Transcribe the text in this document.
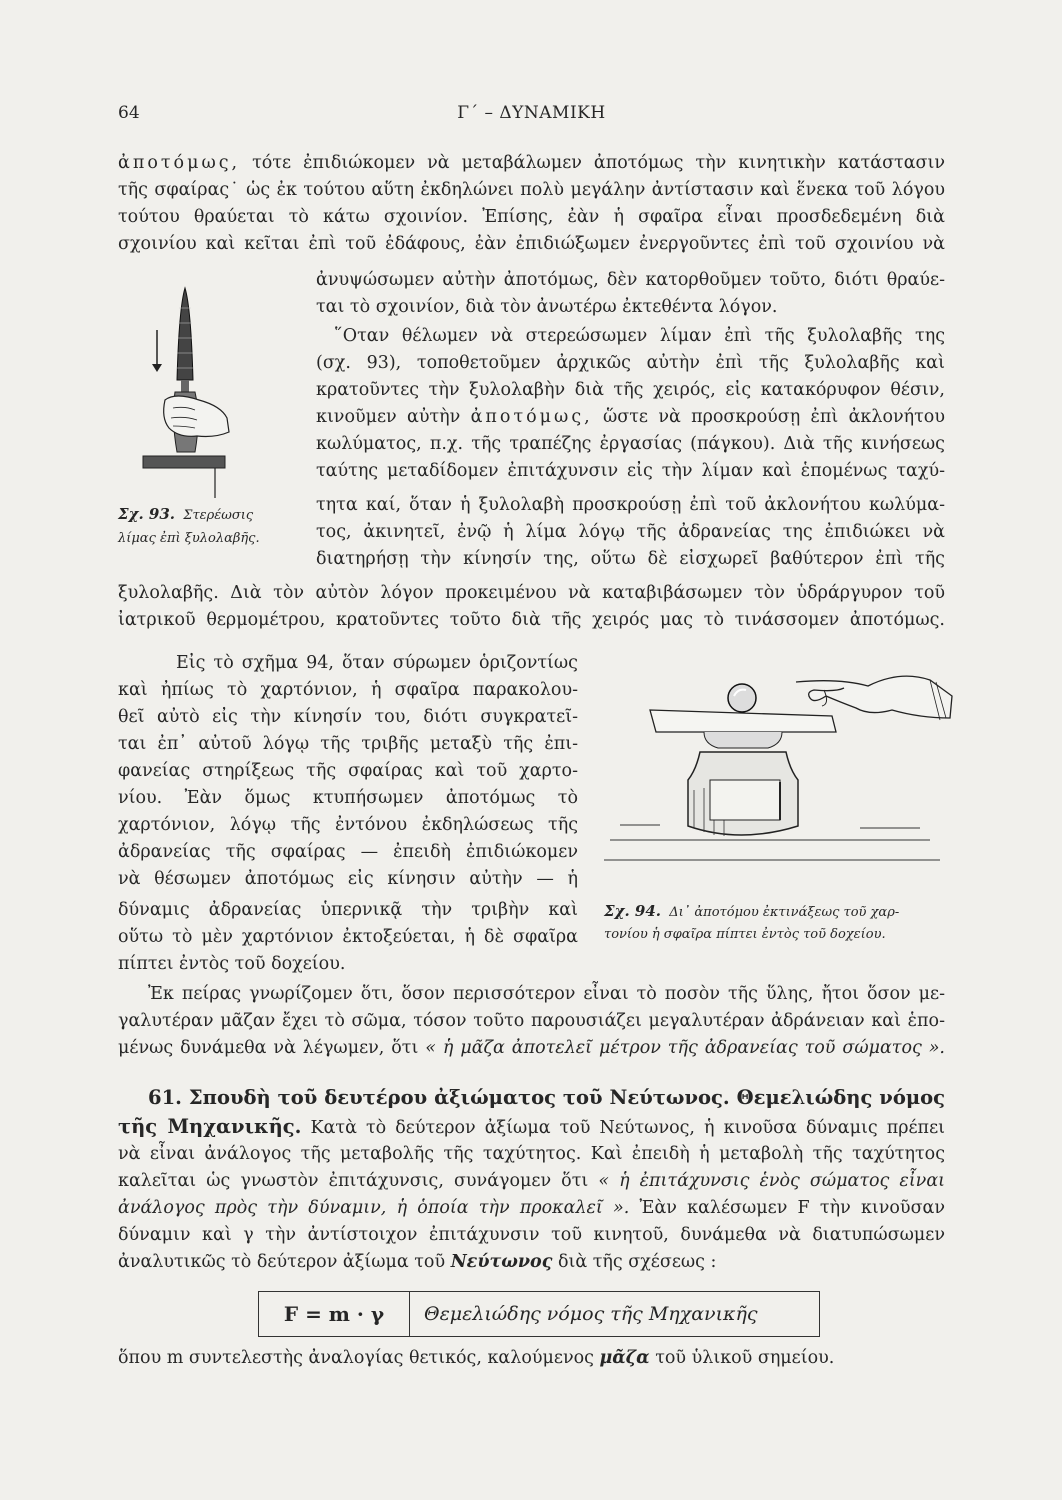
64	Γ΄ – ΔΥΝΑΜΙΚΗ
ἀποτόμως, τότε ἐπιδιώκομεν νὰ μεταβάλωμεν ἀποτόμως τὴν κινητικὴν κατάστασιν
τῆς σφαίρας˙ ὡς ἐκ τούτου αὕτη ἐκδηλώνει πολὺ μεγάλην ἀντίστασιν καὶ ἕνεκα τοῦ λόγου
τούτου θραύεται τὸ κάτω σχοινίον. Ἐπίσης, ἐὰν ἡ σφαῖρα εἶναι προσδεδεμένη διὰ
σχοινίου καὶ κεῖται ἐπὶ τοῦ ἐδάφους, ἐὰν ἐπιδιώξωμεν ἐνεργοῦντες ἐπὶ τοῦ σχοινίου νὰ
ἀνυψώσωμεν αὐτὴν ἀποτόμως, δὲν κατορθοῦμεν τοῦτο, διότι θραύε-
ται τὸ σχοινίον, διὰ τὸν ἀνωτέρω ἐκτεθέντα λόγον.
῞Οταν θέλωμεν νὰ στερεώσωμεν λίμαν ἐπὶ τῆς ξυλολαβῆς της
(σχ. 93), τοποθετοῦμεν ἀρχικῶς αὐτὴν ἐπὶ τῆς ξυλολαβῆς καὶ
κρατοῦντες τὴν ξυλολαβὴν διὰ τῆς χειρός, εἰς κατακόρυφον θέσιν,
κινοῦμεν αὐτὴν ἀποτόμως, ὥστε νὰ προσκρούσῃ ἐπὶ ἀκλονήτου
κωλύματος, π.χ. τῆς τραπέζης ἐργασίας (πάγκου). Διὰ τῆς κινήσεως
ταύτης μεταδίδομεν ἐπιτάχυνσιν εἰς τὴν λίμαν καὶ ἑπομένως ταχύ-
τητα καί, ὅταν ἡ ξυλολαβὴ προσκρούσῃ ἐπὶ τοῦ ἀκλονήτου κωλύμα-
τος, ἀκινητεῖ, ἐνῷ ἡ λίμα λόγῳ τῆς ἀδρανείας της ἐπιδιώκει νὰ
διατηρήσῃ τὴν κίνησίν της, οὕτω δὲ εἰσχωρεῖ βαθύτερον ἐπὶ τῆς
ξυλολαβῆς. Διὰ τὸν αὐτὸν λόγον προκειμένου νὰ καταβιβάσωμεν τὸν ὑδράργυρον τοῦ
ἰατρικοῦ θερμομέτρου, κρατοῦντες τοῦτο διὰ τῆς χειρός μας τὸ τινάσσομεν ἀποτόμως.
Σχ. 93. Στερέωσις
λίμας ἐπὶ ξυλολαβῆς.
Εἰς τὸ σχῆμα 94, ὅταν σύρωμεν ὁριζοντίως
καὶ ἠπίως τὸ χαρτόνιον, ἡ σφαῖρα παρακολου-
θεῖ αὐτὸ εἰς τὴν κίνησίν του, διότι συγκρατεῖ-
ται ἐπ᾽ αὐτοῦ λόγῳ τῆς τριβῆς μεταξὺ τῆς ἐπι-
φανείας στηρίξεως τῆς σφαίρας καὶ τοῦ χαρτο-
νίου. Ἐὰν ὅμως κτυπήσωμεν ἀποτόμως τὸ
χαρτόνιον, λόγῳ τῆς ἐντόνου ἐκδηλώσεως τῆς
ἀδρανείας τῆς σφαίρας — ἐπειδὴ ἐπιδιώκομεν
νὰ θέσωμεν ἀποτόμως εἰς κίνησιν αὐτὴν — ἡ
δύναμις ἀδρανείας ὑπερνικᾷ τὴν τριβὴν καὶ
οὕτω τὸ μὲν χαρτόνιον ἐκτοξεύεται, ἡ δὲ σφαῖρα
πίπτει ἐντὸς τοῦ δοχείου.
Σχ. 94. Δι᾽ ἀποτόμου ἐκτινάξεως τοῦ χαρ-
τονίου ἡ σφαῖρα πίπτει ἐντὸς τοῦ δοχείου.
Ἐκ πείρας γνωρίζομεν ὅτι, ὅσον περισσότερον εἶναι τὸ ποσὸν τῆς ὕλης, ἤτοι ὅσον με-
γαλυτέραν μᾶζαν ἔχει τὸ σῶμα, τόσον τοῦτο παρουσιάζει μεγαλυτέραν ἀδράνειαν καὶ ἑπο-
μένως δυνάμεθα νὰ λέγωμεν, ὅτι « ἡ μᾶζα ἀποτελεῖ μέτρον τῆς ἀδρανείας τοῦ σώματος ».
61. Σπουδὴ τοῦ δευτέρου ἀξιώματος τοῦ Νεύτωνος. Θεμελιώδης νόμος
τῆς Μηχανικῆς. Κατὰ τὸ δεύτερον ἀξίωμα τοῦ Νεύτωνος, ἡ κινοῦσα δύναμις πρέπει
νὰ εἶναι ἀνάλογος τῆς μεταβολῆς τῆς ταχύτητος. Καὶ ἐπειδὴ ἡ μεταβολὴ τῆς ταχύτητος
καλεῖται ὡς γνωστὸν ἐπιτάχυνσις, συνάγομεν ὅτι « ἡ ἐπιτάχυνσις ἑνὸς σώματος εἶναι
ἀνάλογος πρὸς τὴν δύναμιν, ἡ ὁποία τὴν προκαλεῖ ». Ἐὰν καλέσωμεν F τὴν κινοῦσαν
δύναμιν καὶ γ τὴν ἀντίστοιχον ἐπιτάχυνσιν τοῦ κινητοῦ, δυνάμεθα νὰ διατυπώσωμεν
ἀναλυτικῶς τὸ δεύτερον ἀξίωμα τοῦ Νεύτωνος διὰ τῆς σχέσεως :
F = m · γ	Θεμελιώδης νόμος τῆς Μηχανικῆς
ὅπου m συντελεστὴς ἀναλογίας θετικός, καλούμενος μᾶζα τοῦ ὑλικοῦ σημείου.
